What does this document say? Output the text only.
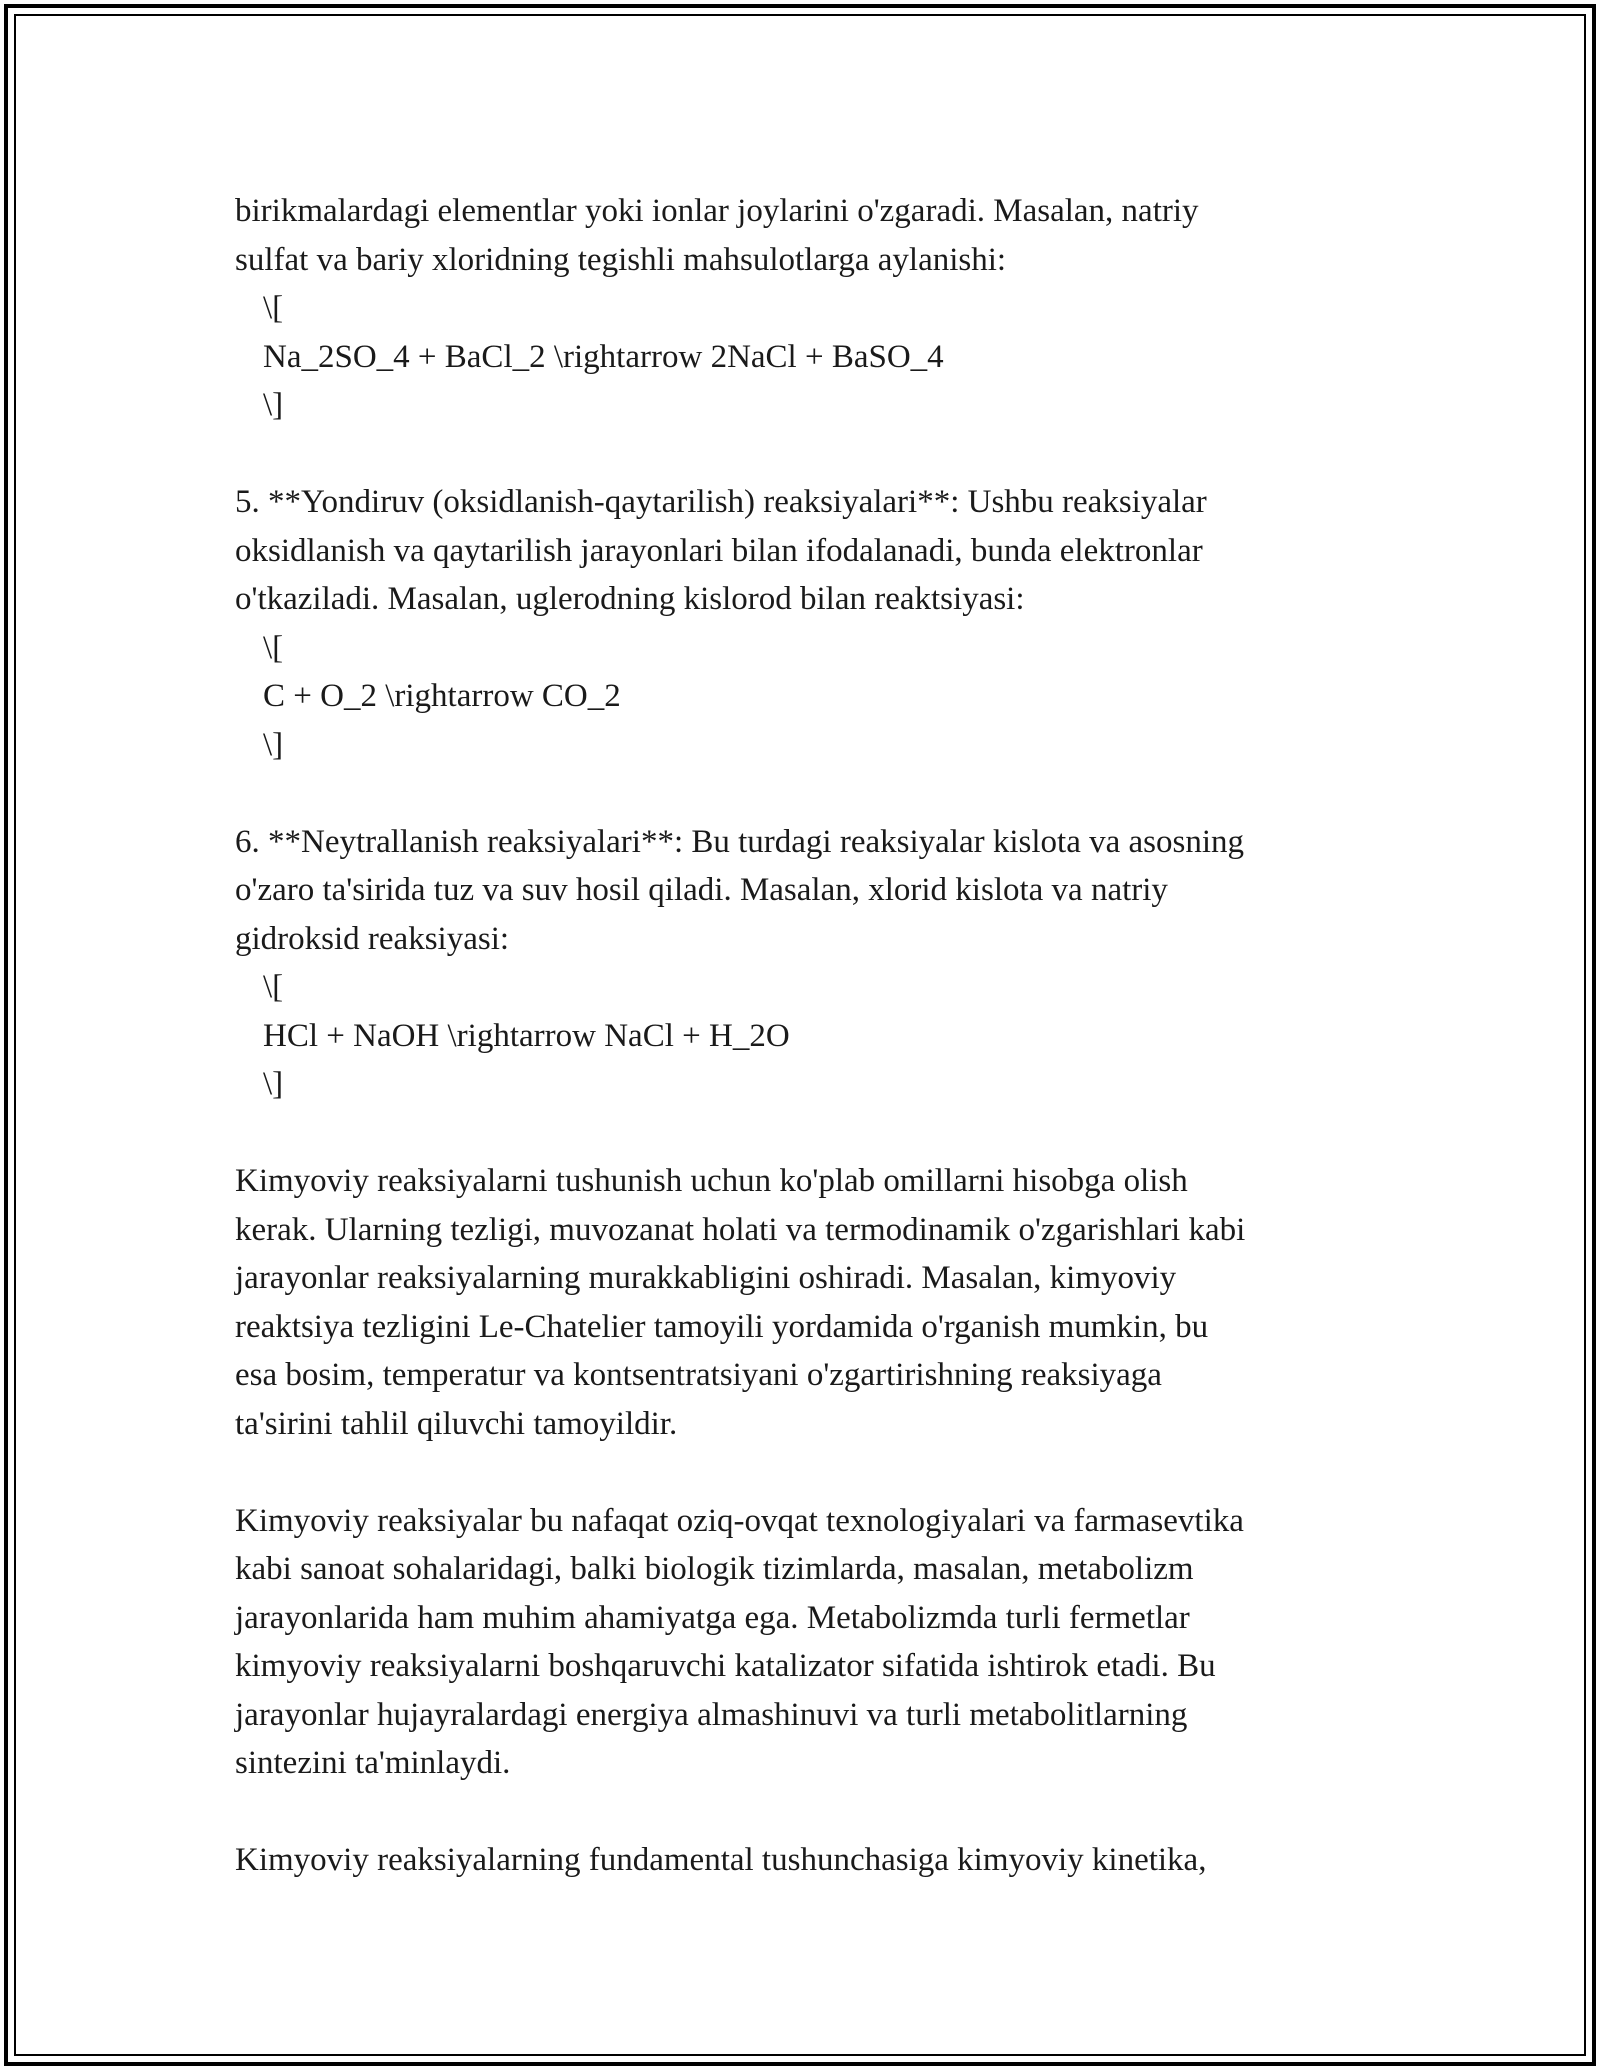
birikmalardagi elementlar yoki ionlar joylarini o'zgaradi. Masalan, natriy
sulfat va bariy xloridning tegishli mahsulotlarga aylanishi:
\[
Na_2SO_4 + BaCl_2 \rightarrow 2NaCl + BaSO_4
\]
5. **Yondiruv (oksidlanish-qaytarilish) reaksiyalari**: Ushbu reaksiyalar
oksidlanish va qaytarilish jarayonlari bilan ifodalanadi, bunda elektronlar
o'tkaziladi. Masalan, uglerodning kislorod bilan reaktsiyasi:
\[
C + O_2 \rightarrow CO_2
\]
6. **Neytrallanish reaksiyalari**: Bu turdagi reaksiyalar kislota va asosning
o'zaro ta'sirida tuz va suv hosil qiladi. Masalan, xlorid kislota va natriy
gidroksid reaksiyasi:
\[
HCl + NaOH \rightarrow NaCl + H_2O
\]
Kimyoviy reaksiyalarni tushunish uchun ko'plab omillarni hisobga olish
kerak. Ularning tezligi, muvozanat holati va termodinamik o'zgarishlari kabi
jarayonlar reaksiyalarning murakkabligini oshiradi. Masalan, kimyoviy
reaktsiya tezligini Le-Chatelier tamoyili yordamida o'rganish mumkin, bu
esa bosim, temperatur va kontsentratsiyani o'zgartirishning reaksiyaga
ta'sirini tahlil qiluvchi tamoyildir.
Kimyoviy reaksiyalar bu nafaqat oziq-ovqat texnologiyalari va farmasevtika
kabi sanoat sohalaridagi, balki biologik tizimlarda, masalan, metabolizm
jarayonlarida ham muhim ahamiyatga ega. Metabolizmda turli fermetlar
kimyoviy reaksiyalarni boshqaruvchi katalizator sifatida ishtirok etadi. Bu
jarayonlar hujayralardagi energiya almashinuvi va turli metabolitlarning
sintezini ta'minlaydi.
Kimyoviy reaksiyalarning fundamental tushunchasiga kimyoviy kinetika,
